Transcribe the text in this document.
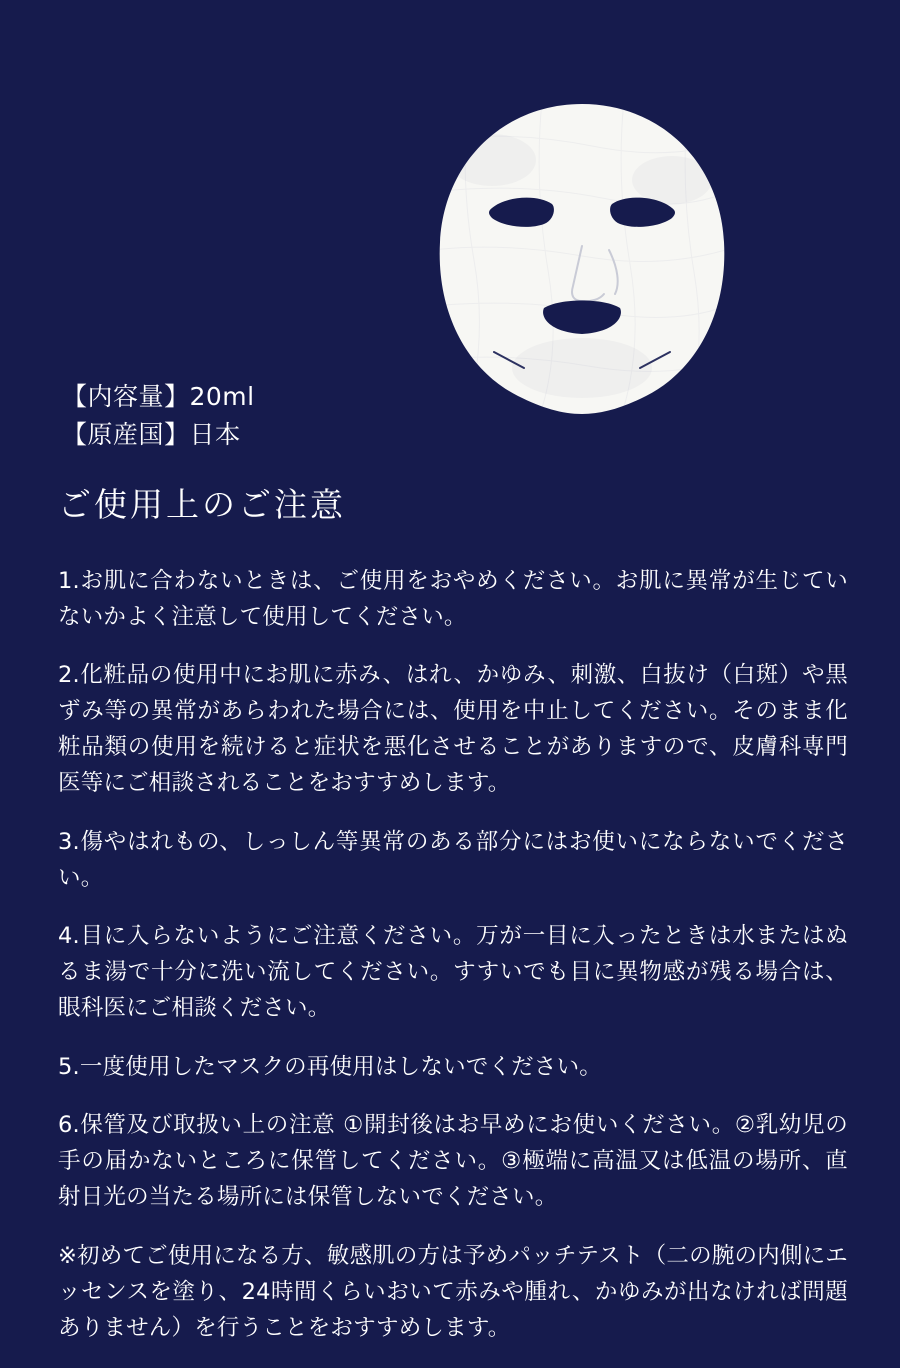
【内容量】20ml
【原産国】日本
ご使用上のご注意

1.お肌に合わないときは、ご使用をおやめください。お肌に異常が生じていないかよく注意して使用してください。

2.化粧品の使用中にお肌に赤み、はれ、かゆみ、刺激、白抜け（白斑）や黒ずみ等の異常があらわれた場合には、使用を中止してください。そのまま化粧品類の使用を続けると症状を悪化させることがありますので、皮膚科専門医等にご相談されることをおすすめします。

3.傷やはれもの、しっしん等異常のある部分にはお使いにならないでください。

4.目に入らないようにご注意ください。万が一目に入ったときは水またはぬるま湯で十分に洗い流してください。すすいでも目に異物感が残る場合は、眼科医にご相談ください。

5.一度使用したマスクの再使用はしないでください。

6.保管及び取扱い上の注意 ①開封後はお早めにお使いください。②乳幼児の手の届かないところに保管してください。③極端に高温又は低温の場所、直射日光の当たる場所には保管しないでください。

※初めてご使用になる方、敏感肌の方は予めパッチテスト（二の腕の内側にエッセンスを塗り、24時間くらいおいて赤みや腫れ、かゆみが出なければ問題ありません）を行うことをおすすめします。
